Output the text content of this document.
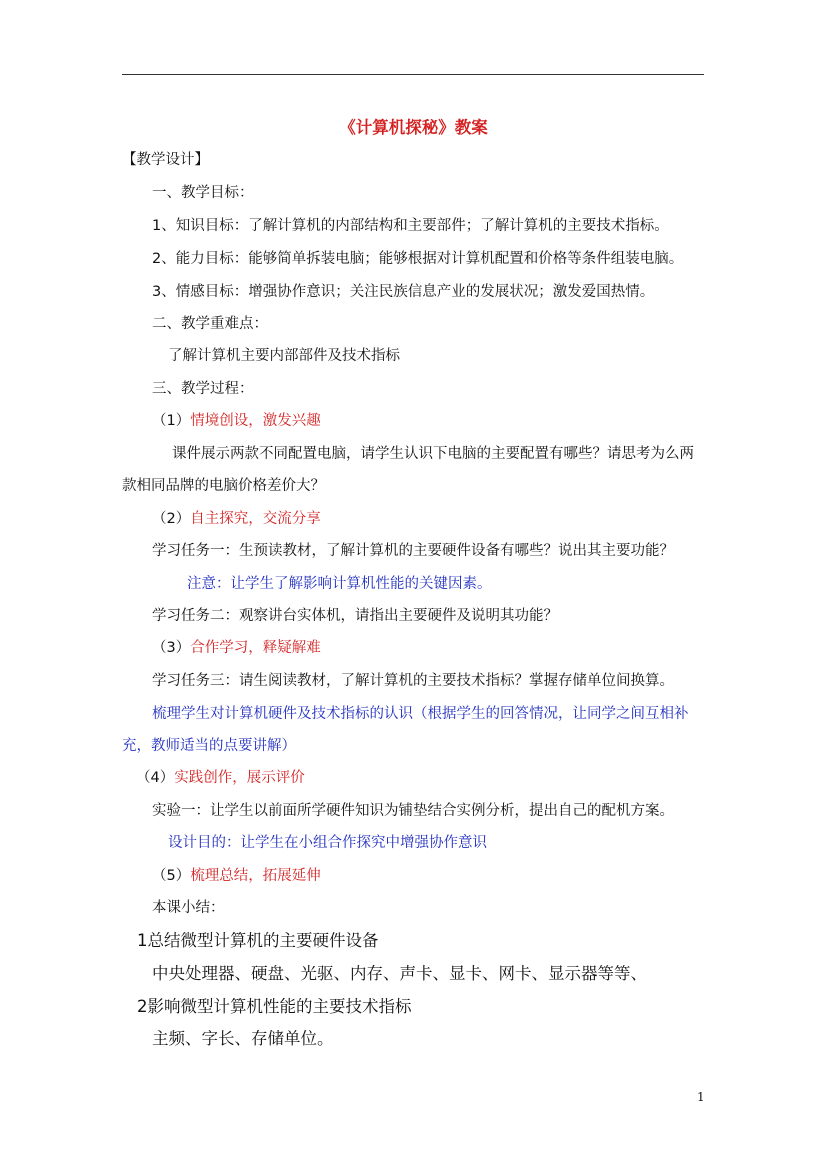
《计算机探秘》教案
【教学设计】
一、教学目标：
1、知识目标：了解计算机的内部结构和主要部件；了解计算机的主要技术指标。
2、能力目标：能够简单拆装电脑；能够根据对计算机配置和价格等条件组装电脑。
3、情感目标：增强协作意识；关注民族信息产业的发展状况；激发爱国热情。
二、教学重难点：
了解计算机主要内部部件及技术指标
三、教学过程：
（1）情境创设，激发兴趣
课件展示两款不同配置电脑，请学生认识下电脑的主要配置有哪些？请思考为么两
款相同品牌的电脑价格差价大？
（2）自主探究，交流分享
学习任务一：生预读教材，了解计算机的主要硬件设备有哪些？说出其主要功能？
注意：让学生了解影响计算机性能的关键因素。
学习任务二：观察讲台实体机，请指出主要硬件及说明其功能？
（3）合作学习，释疑解难
学习任务三：请生阅读教材，了解计算机的主要技术指标？掌握存储单位间换算。
梳理学生对计算机硬件及技术指标的认识（根据学生的回答情况，让同学之间互相补
充，教师适当的点要讲解）
（4）实践创作，展示评价
实验一：让学生以前面所学硬件知识为铺垫结合实例分析，提出自己的配机方案。
设计目的：让学生在小组合作探究中增强协作意识
（5）梳理总结，拓展延伸
本课小结：
1总结微型计算机的主要硬件设备
中央处理器、硬盘、光驱、内存、声卡、显卡、网卡、显示器等等、
2影响微型计算机性能的主要技术指标
主频、字长、存储单位。
1
